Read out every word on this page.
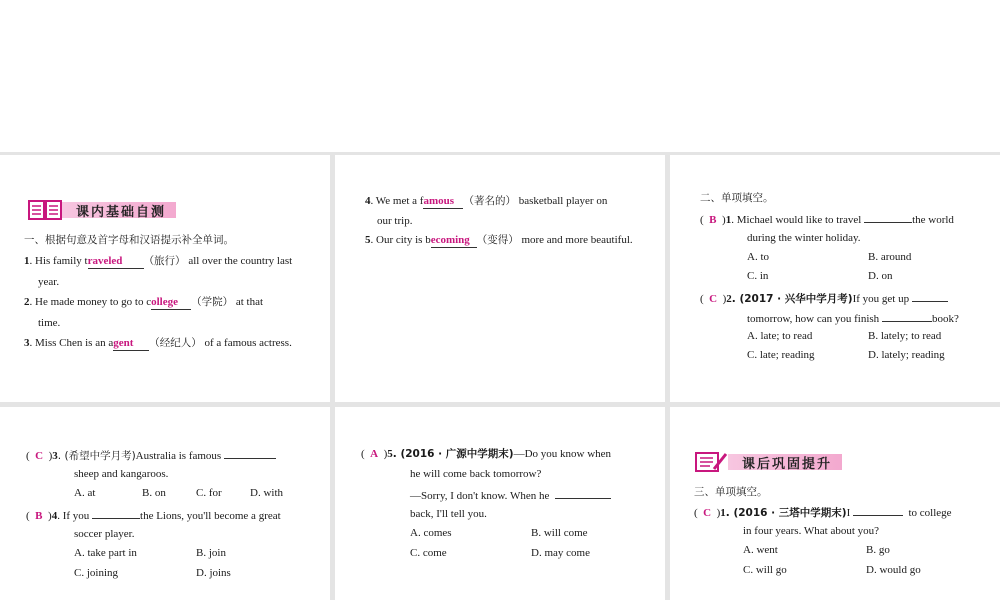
课内基础自测
一、根据句意及首字母和汉语提示补全单词。
1. His family traveled （旅行） all over the country last
year.
2. He made money to go to college （学院） at that
time.
3. Miss Chen is an agent （经纪人） of a famous actress.
4. We met a famous （著名的） basketball player on
our trip.
5. Our city is becoming （变得） more and more beautiful.
二、单项填空。
(  B  )1. Michael would like to travel	the world
during the winter holiday.
A. to	B. around
C. in	D. on
(  C  )2. (2017 · 兴华中学月考)If you get up
tomorrow, how can you finish	book?
A. late; to read	B. lately; to read
C. late; reading	D. lately; reading
(  C  )3. (希望中学月考)Australia is famous
sheep and kangaroos.
A. at	B. on	C. for	D. with
(  B  )4. If you	the Lions, you'll become a great
soccer player.
A. take part in	B. join
C. joining	D. joins
(  A  )5. (2016 · 广源中学期末)—Do you know when
he will come back tomorrow?
—Sorry, I don't know. When he
back, I'll tell you.
A. comes	B. will come
C. come	D. may come
课后巩固提升
三、单项填空。
(  C  )1. (2016 · 三塔中学期末)I	to college
in four years. What about you?
A. went	B. go
C. will go	D. would go
